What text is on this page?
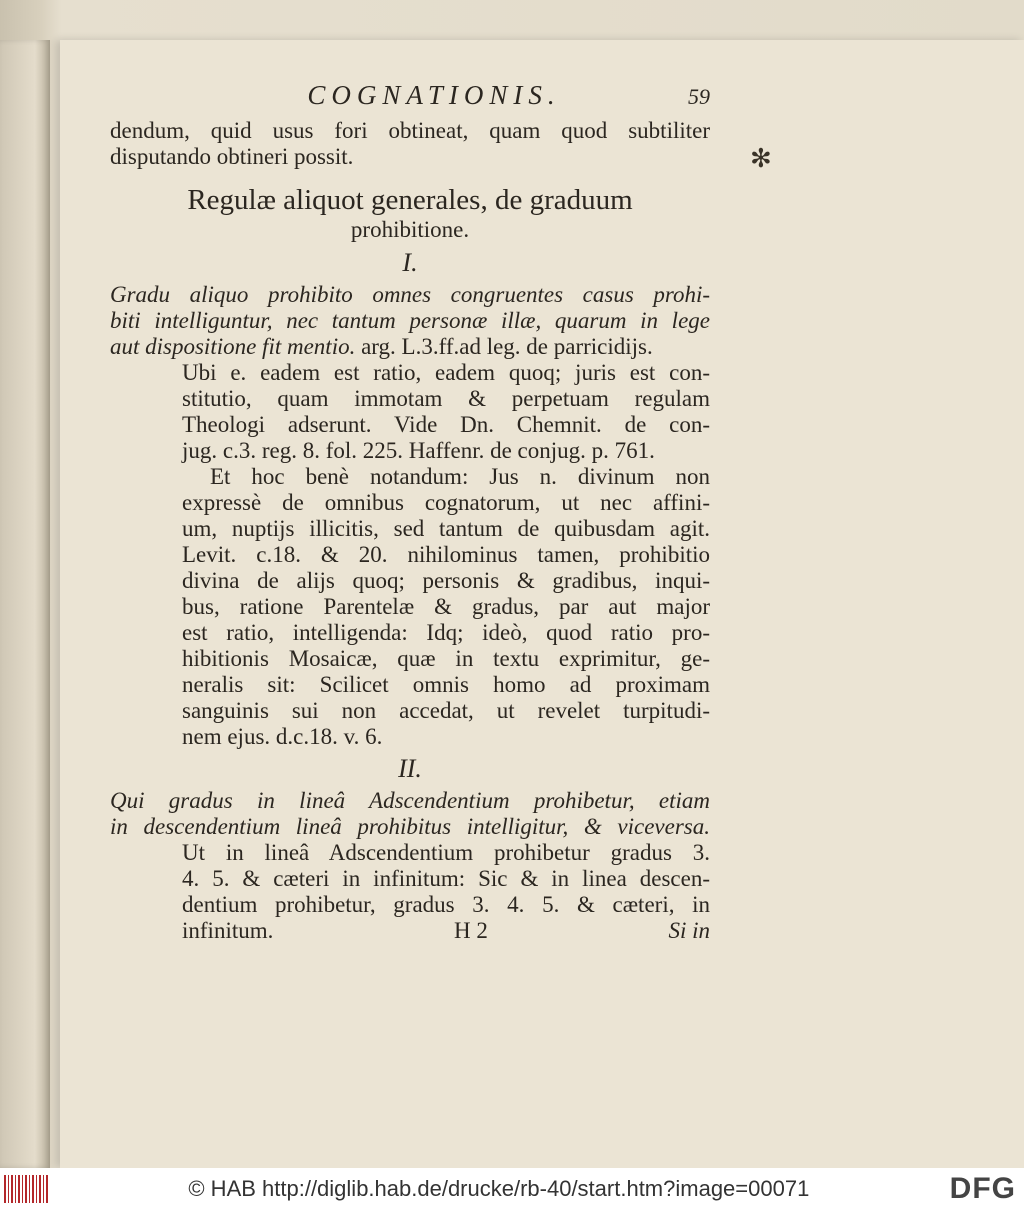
✻
COGNATIONIS.	59
dendum, quid usus fori obtineat, quam quod subtiliter
disputando obtineri possit.
Regulæ aliquot generales, de graduum
prohibitione.
I.
Gradu aliquo prohibito omnes congruentes casus prohi-
biti intelliguntur, nec tantum personæ illæ, quarum in lege
aut dispositione fit mentio. arg. L.3.ff.ad leg. de parricidijs.
Ubi e. eadem est ratio, eadem quoq; juris est con-
stitutio, quam immotam & perpetuam regulam
Theologi adserunt. Vide Dn. Chemnit. de con-
jug. c.3. reg. 8. fol. 225. Haffenr. de conjug. p. 761.
Et hoc benè notandum: Jus n. divinum non
expressè de omnibus cognatorum, ut nec affini-
um, nuptijs illicitis, sed tantum de quibusdam agit.
Levit. c.18. & 20. nihilominus tamen, prohibitio
divina de alijs quoq; personis & gradibus, inqui-
bus, ratione Parentelæ & gradus, par aut major
est ratio, intelligenda: Idq; ideò, quod ratio pro-
hibitionis Mosaicæ, quæ in textu exprimitur, ge-
neralis sit: Scilicet omnis homo ad proximam
sanguinis sui non accedat, ut revelet turpitudi-
nem ejus. d.c.18. v. 6.
II.
Qui gradus in lineâ Adscendentium prohibetur, etiam
in descendentium lineâ prohibitus intelligitur, & viceversa.
Ut in lineâ Adscendentium prohibetur gradus 3.
4. 5. & cæteri in infinitum: Sic & in linea descen-
dentium prohibetur, gradus 3. 4. 5. & cæteri, in
infinitum.	H 2	Si in
© HAB http://diglib.hab.de/drucke/rb-40/start.htm?image=00071	DFG
